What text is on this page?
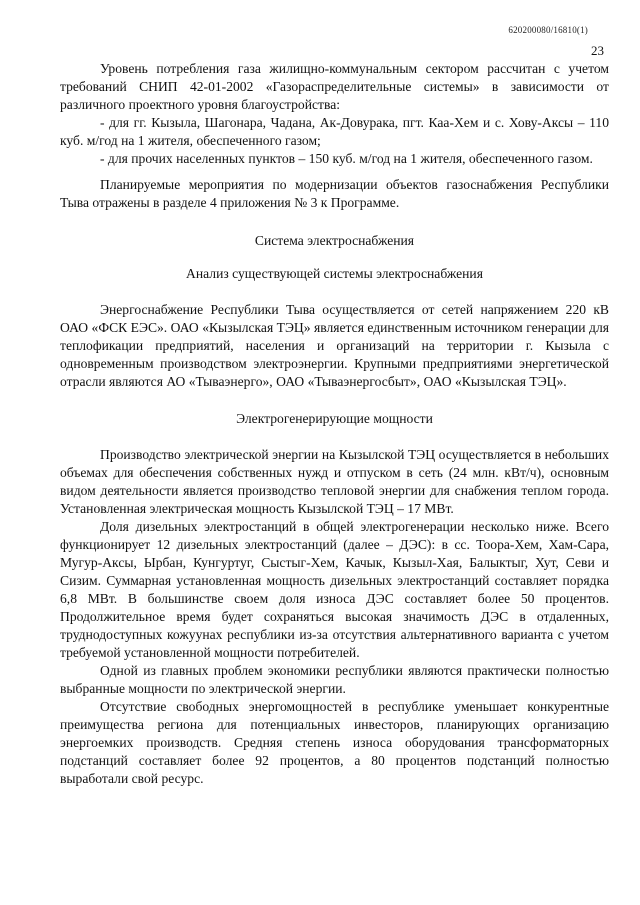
620200080/16810(1)
23

Уровень потребления газа жилищно-коммунальным сектором рассчитан с учетом требований СНИП 42-01-2002 «Газораспределительные системы» в зависимости от различного проектного уровня благоустройства:

- для гг. Кызыла, Шагонара, Чадана, Ак-Довурака, пгт. Каа-Хем и с. Хову-Аксы – 110 куб. м/год на 1 жителя, обеспеченного газом;

- для прочих населенных пунктов – 150 куб. м/год на 1 жителя, обеспеченного газом.

Планируемые мероприятия по модернизации объектов газоснабжения Республики Тыва отражены в разделе 4 приложения № 3 к Программе.

Система электроснабжения
Анализ существующей системы электроснабжения

Энергоснабжение Республики Тыва осуществляется от сетей напряжением 220 кВ ОАО «ФСК ЕЭС». ОАО «Кызылская ТЭЦ» является единственным источником генерации для теплофикации предприятий, населения и организаций на территории г. Кызыла с одновременным производством электроэнергии. Крупными предприятиями энергетической отрасли являются АО «Тываэнерго», ОАО «Тываэнергосбыт», ОАО «Кызылская ТЭЦ».

Электрогенерирующие мощности

Производство электрической энергии на Кызылской ТЭЦ осуществляется в небольших объемах для обеспечения собственных нужд и отпуском в сеть (24 млн. кВт/ч), основным видом деятельности является производство тепловой энергии для снабжения теплом города. Установленная электрическая мощность Кызылской ТЭЦ – 17 МВт.

Доля дизельных электростанций в общей электрогенерации несколько ниже. Всего функционирует 12 дизельных электростанций (далее – ДЭС): в сс. Тоора-Хем, Хам-Сара, Мугур-Аксы, Ырбан, Кунгуртуг, Сыстыг-Хем, Качык, Кызыл-Хая, Балыктыг, Хут, Севи и Сизим. Суммарная установленная мощность дизельных электростанций составляет порядка 6,8 МВт. В большинстве своем доля износа ДЭС составляет более 50 процентов. Продолжительное время будет сохраняться высокая значимость ДЭС в отдаленных, труднодоступных кожуунах республики из-за отсутствия альтернативного варианта с учетом требуемой установленной мощности потребителей.

Одной из главных проблем экономики республики являются практически полностью выбранные мощности по электрической энергии.

Отсутствие свободных энергомощностей в республике уменьшает конкурентные преимущества региона для потенциальных инвесторов, планирующих организацию энергоемких производств. Средняя степень износа оборудования трансформаторных подстанций составляет более 92 процентов, а 80 процентов подстанций полностью выработали свой ресурс.
